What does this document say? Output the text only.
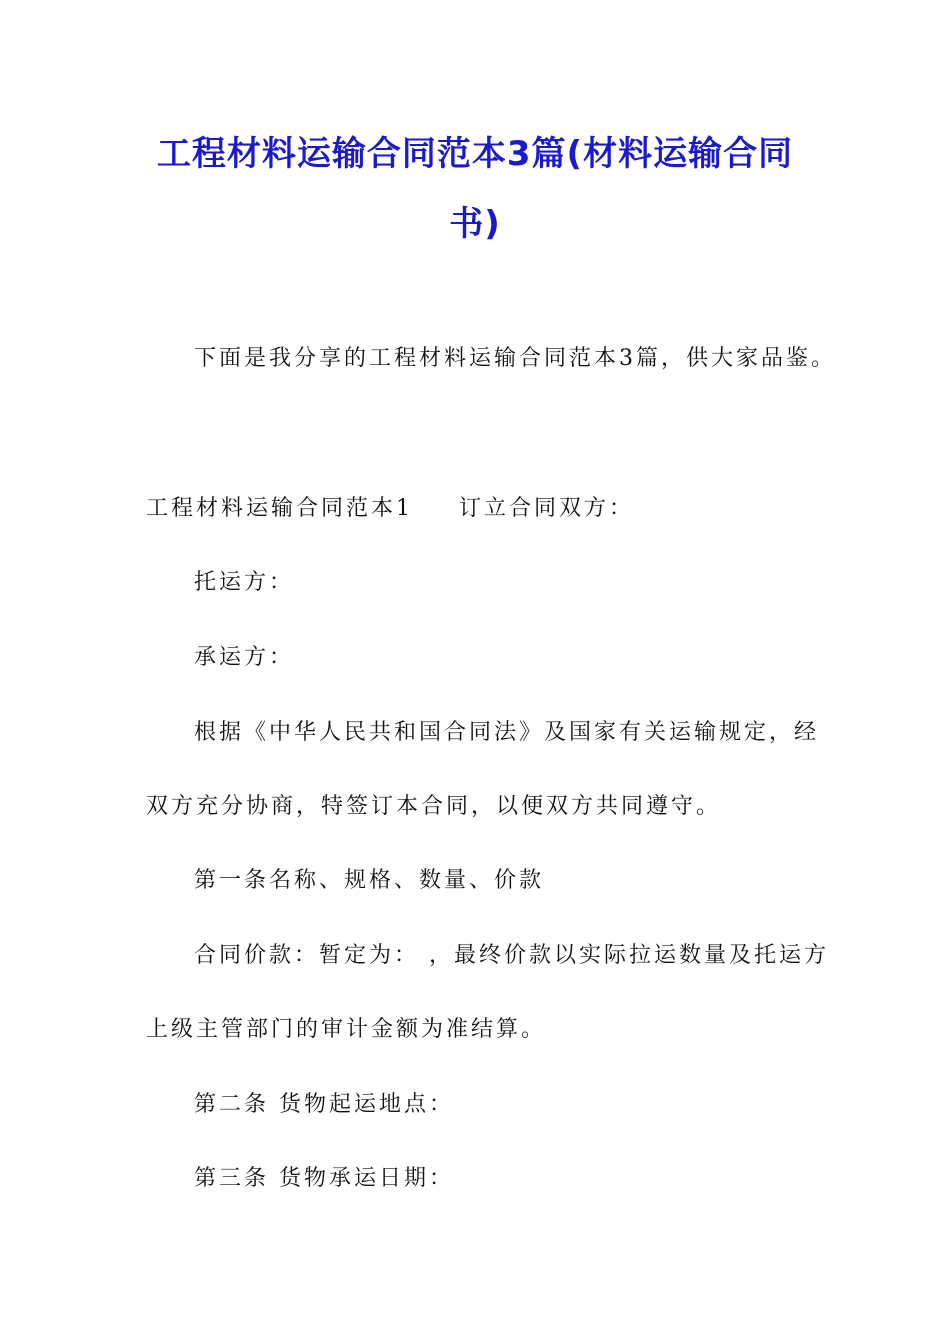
工程材料运输合同范本3篇(材料运输合同
书)

下面是我分享的工程材料运输合同范本3篇，供大家品鉴。

工程材料运输合同范本1 订立合同双方：

托运方：

承运方：

根据《中华人民共和国合同法》及国家有关运输规定，经

双方充分协商，特签订本合同，以便双方共同遵守。

第一条名称、规格、数量、价款

合同价款：暂定为： ，最终价款以实际拉运数量及托运方

上级主管部门的审计金额为准结算。

第二条 货物起运地点：

第三条 货物承运日期：
